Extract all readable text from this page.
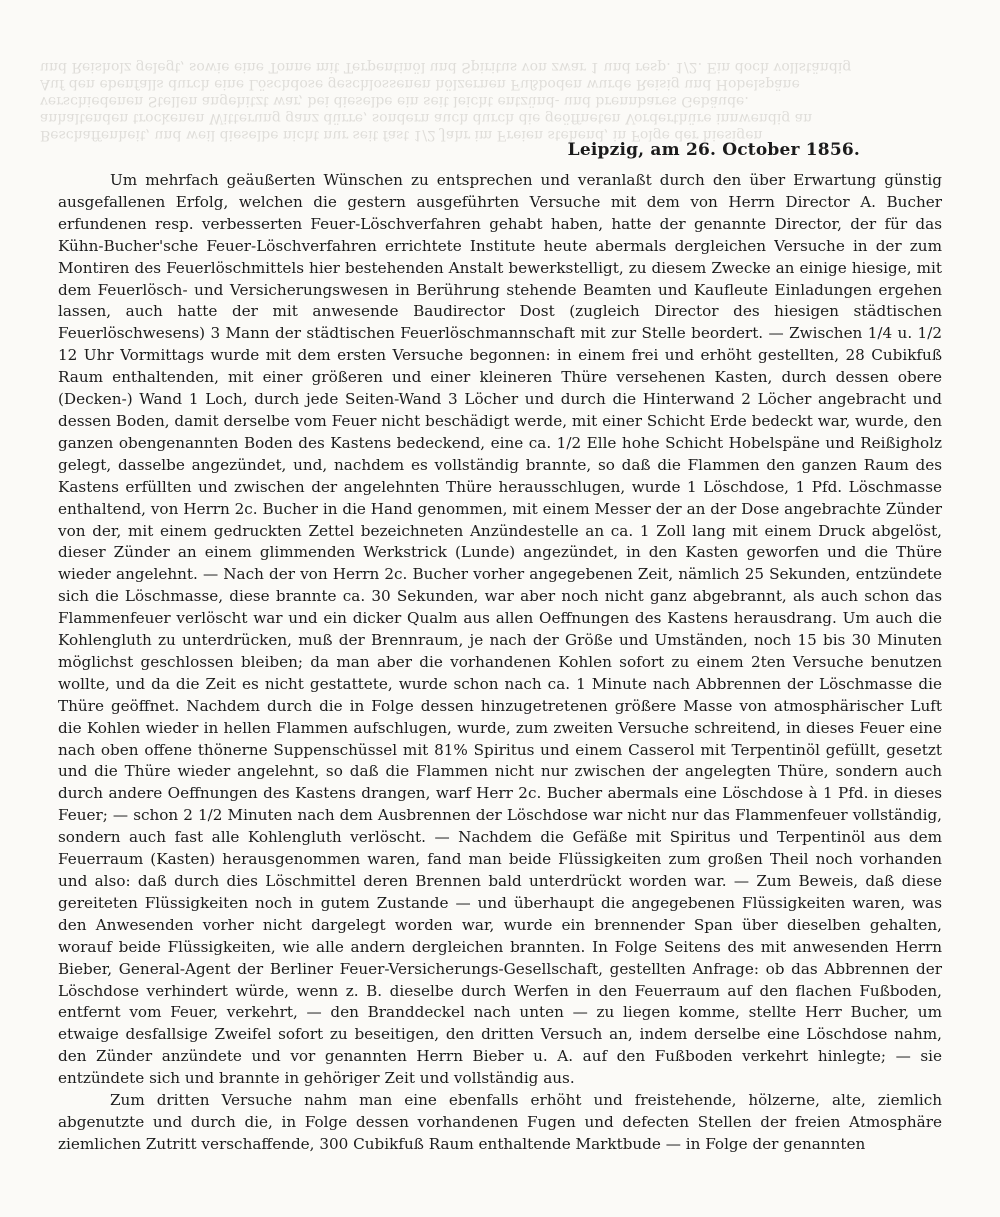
Beschaffenheit, und weil dieselbe nicht nur seit fast 1/2 Jahr im Freien stehend, in Folge der hiesigen
anhaltenden trockenen Witterung ganz dürre, sondern auch durch die geöffneten Vorderthüre innwendig an
verschiedenen Stellen angehitzt war, bei dieselbe ein seit leicht entzünd- und brennbares Gebäude.
Auf den ebenfalls durch eine Löschdose geschlossenen hölzernen Fußboden wurde Reisig und Hobelspäne
und Reisholz gelegt, sowie eine Tonne mit Terpentinöl und Spiritus von zwar 1 und resp. 1/2. Ein doch vollständig
Leipzig, am 26. October 1856.

Um mehrfach geäußerten Wünschen zu entsprechen und veranlaßt durch den über Erwartung günstig ausgefallenen Erfolg, welchen die gestern ausgeführten Versuche mit dem von Herrn Director A. Bucher erfundenen resp. verbesserten Feuer-Löschverfahren gehabt haben, hatte der genannte Director, der für das Kühn-Bucher'sche Feuer-Löschverfahren errichtete Institute heute abermals dergleichen Versuche in der zum Montiren des Feuerlöschmittels hier bestehenden Anstalt bewerkstelligt, zu diesem Zwecke an einige hiesige, mit dem Feuerlösch- und Versicherungswesen in Berührung stehende Beamten und Kaufleute Einladungen ergehen lassen, auch hatte der mit anwesende Baudirector Dost (zugleich Director des hiesigen städtischen Feuerlöschwesens) 3 Mann der städtischen Feuerlöschmannschaft mit zur Stelle beordert. — Zwischen 1/4 u. 1/2 12 Uhr Vormittags wurde mit dem ersten Versuche begonnen: in einem frei und erhöht gestellten, 28 Cubikfuß Raum enthaltenden, mit einer größeren und einer kleineren Thüre versehenen Kasten, durch dessen obere (Decken-) Wand 1 Loch, durch jede Seiten-Wand 3 Löcher und durch die Hinterwand 2 Löcher angebracht und dessen Boden, damit derselbe vom Feuer nicht beschädigt werde, mit einer Schicht Erde bedeckt war, wurde, den ganzen obengenannten Boden des Kastens bedeckend, eine ca. 1/2 Elle hohe Schicht Hobelspäne und Reißigholz gelegt, dasselbe angezündet, und, nachdem es vollständig brannte, so daß die Flammen den ganzen Raum des Kastens erfüllten und zwischen der angelehnten Thüre herausschlugen, wurde 1 Löschdose, 1 Pfd. Löschmasse enthaltend, von Herrn 2c. Bucher in die Hand genommen, mit einem Messer der an der Dose angebrachte Zünder von der, mit einem gedruckten Zettel bezeichneten Anzündestelle an ca. 1 Zoll lang mit einem Druck abgelöst, dieser Zünder an einem glimmenden Werkstrick (Lunde) angezündet, in den Kasten geworfen und die Thüre wieder angelehnt. — Nach der von Herrn 2c. Bucher vorher angegebenen Zeit, nämlich 25 Sekunden, entzündete sich die Löschmasse, diese brannte ca. 30 Sekunden, war aber noch nicht ganz abgebrannt, als auch schon das Flammenfeuer verlöscht war und ein dicker Qualm aus allen Oeffnungen des Kastens herausdrang. Um auch die Kohlengluth zu unterdrücken, muß der Brennraum, je nach der Größe und Umständen, noch 15 bis 30 Minuten möglichst geschlossen bleiben; da man aber die vorhandenen Kohlen sofort zu einem 2ten Versuche benutzen wollte, und da die Zeit es nicht gestattete, wurde schon nach ca. 1 Minute nach Abbrennen der Löschmasse die Thüre geöffnet. Nachdem durch die in Folge dessen hinzugetretenen größere Masse von atmosphärischer Luft die Kohlen wieder in hellen Flammen aufschlugen, wurde, zum zweiten Versuche schreitend, in dieses Feuer eine nach oben offene thönerne Suppenschüssel mit 81% Spiritus und einem Casserol mit Terpentinöl gefüllt, gesetzt und die Thüre wieder angelehnt, so daß die Flammen nicht nur zwischen der angelegten Thüre, sondern auch durch andere Oeffnungen des Kastens drangen, warf Herr 2c. Bucher abermals eine Löschdose à 1 Pfd. in dieses Feuer; — schon 2 1/2 Minuten nach dem Ausbrennen der Löschdose war nicht nur das Flammenfeuer vollständig, sondern auch fast alle Kohlengluth verlöscht. — Nachdem die Gefäße mit Spiritus und Terpentinöl aus dem Feuerraum (Kasten) herausgenommen waren, fand man beide Flüssigkeiten zum großen Theil noch vorhanden und also: daß durch dies Löschmittel deren Brennen bald unterdrückt worden war. — Zum Beweis, daß diese gereiteten Flüssigkeiten noch in gutem Zustande — und überhaupt die angegebenen Flüssigkeiten waren, was den Anwesenden vorher nicht dargelegt worden war, wurde ein brennender Span über dieselben gehalten, worauf beide Flüssigkeiten, wie alle andern dergleichen brannten. In Folge Seitens des mit anwesenden Herrn Bieber, General-Agent der Berliner Feuer-Versicherungs-Gesellschaft, gestellten Anfrage: ob das Abbrennen der Löschdose verhindert würde, wenn z. B. dieselbe durch Werfen in den Feuerraum auf den flachen Fußboden, entfernt vom Feuer, verkehrt, — den Branddeckel nach unten — zu liegen komme, stellte Herr Bucher, um etwaige desfallsige Zweifel sofort zu beseitigen, den dritten Versuch an, indem derselbe eine Löschdose nahm, den Zünder anzündete und vor genannten Herrn Bieber u. A. auf den Fußboden verkehrt hinlegte; — sie entzündete sich und brannte in gehöriger Zeit und vollständig aus.

Zum dritten Versuche nahm man eine ebenfalls erhöht und freistehende, hölzerne, alte, ziemlich abgenutzte und durch die, in Folge dessen vorhandenen Fugen und defecten Stellen der freien Atmosphäre ziemlichen Zutritt verschaffende, 300 Cubikfuß Raum enthaltende Marktbude — in Folge der genannten
